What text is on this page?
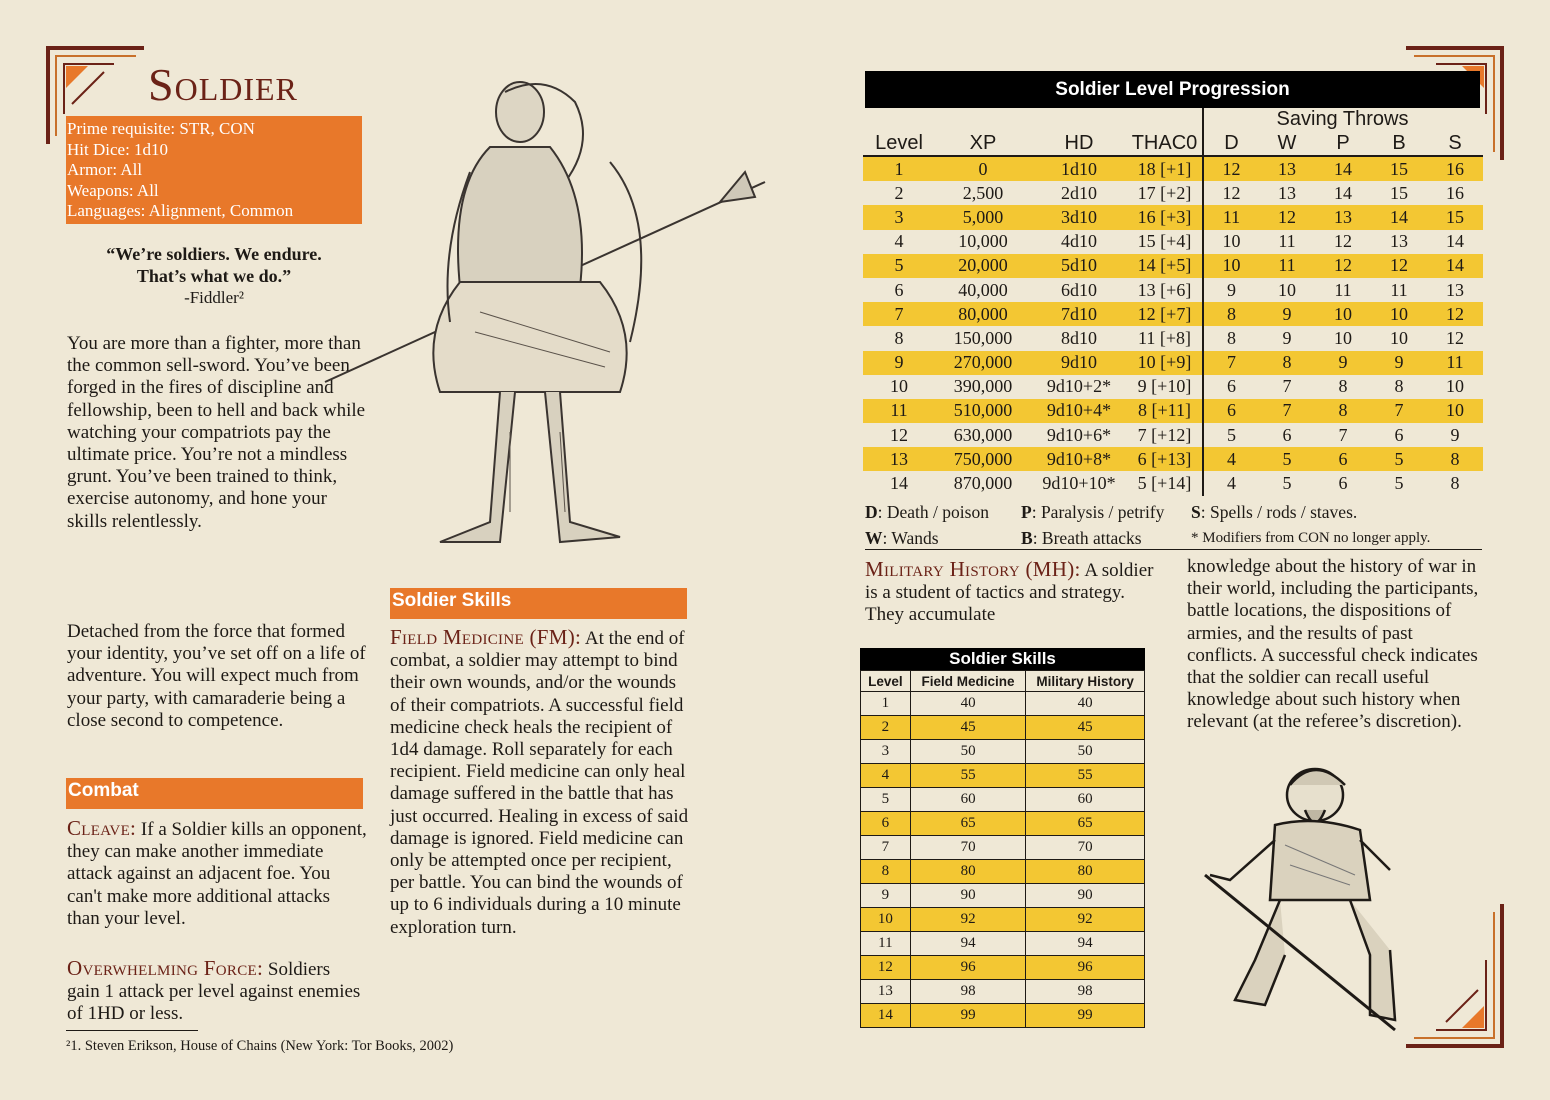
Soldier
Prime requisite: STR, CON
Hit Dice: 1d10
Armor: All
Weapons: All
Languages: Alignment, Common
“We’re soldiers. We endure.
That’s what we do.”
-Fiddler²

You are more than a fighter, more than the common sell-sword. You’ve been forged in the fires of discipline and fellowship, been to hell and back while watching your compatriots pay the ultimate price. You’re not a mindless grunt. You’ve been trained to think, exercise autonomy, and hone your skills relentlessly.

Detached from the force that formed your identity, you’ve set off on a life of adventure. You will expect much from your party, with camaraderie being a close second to competence.

Combat

Cleave: If a Soldier kills an opponent, they can make another immediate attack against an adjacent foe. You can't make more additional attacks than your level.

Overwhelming Force: Soldiers gain 1 attack per level against enemies of 1HD or less.

²1. Steven Erikson, House of Chains (New York: Tor Books, 2002)
Soldier Skills

Field Medicine (FM): At the end of combat, a soldier may attempt to bind their own wounds, and/or the wounds of their compatriots. A successful field medicine check heals the recipient of 1d4 damage. Roll separately for each recipient. Field medicine can only heal damage suffered in the battle that has just occurred. Healing in excess of said damage is ignored. Field medicine can only be attempted once per recipient, per battle. You can bind the wounds of up to 6 individuals during a 10 minute exploration turn.

Soldier Level Progression
Saving Throws
Level	XP	HD	THAC0	D	W	P	B	S
1	0	1d10	18 [+1]	12	13	14	15	16
2	2,500	2d10	17 [+2]	12	13	14	15	16
3	5,000	3d10	16 [+3]	11	12	13	14	15
4	10,000	4d10	15 [+4]	10	11	12	13	14
5	20,000	5d10	14 [+5]	10	11	12	12	14
6	40,000	6d10	13 [+6]	9	10	11	11	13
7	80,000	7d10	12 [+7]	8	9	10	10	12
8	150,000	8d10	11 [+8]	8	9	10	10	12
9	270,000	9d10	10 [+9]	7	8	9	9	11
10	390,000	9d10+2*	9 [+10]	6	7	8	8	10
11	510,000	9d10+4*	8 [+11]	6	7	8	7	10
12	630,000	9d10+6*	7 [+12]	5	6	7	6	9
13	750,000	9d10+8*	6 [+13]	4	5	6	5	8
14	870,000	9d10+10*	5 [+14]	4	5	6	5	8
D: Death / poison P: Paralysis / petrify S: Spells / rods / staves.
W: Wands	B: Breath attacks	* Modifiers from CON no longer apply.

Military History (MH): A soldier is a student of tactics and strategy. They accumulate

knowledge about the history of war in their world, including the participants, battle locations, the dispositions of armies, and the results of past conflicts. A successful check indicates that the soldier can recall useful knowledge about such history when relevant (at the referee’s discretion).

Soldier Skills
Level	Field Medicine	Military History
1	40	40
2	45	45
3	50	50
4	55	55
5	60	60
6	65	65
7	70	70
8	80	80
9	90	90
10	92	92
11	94	94
12	96	96
13	98	98
14	99	99
